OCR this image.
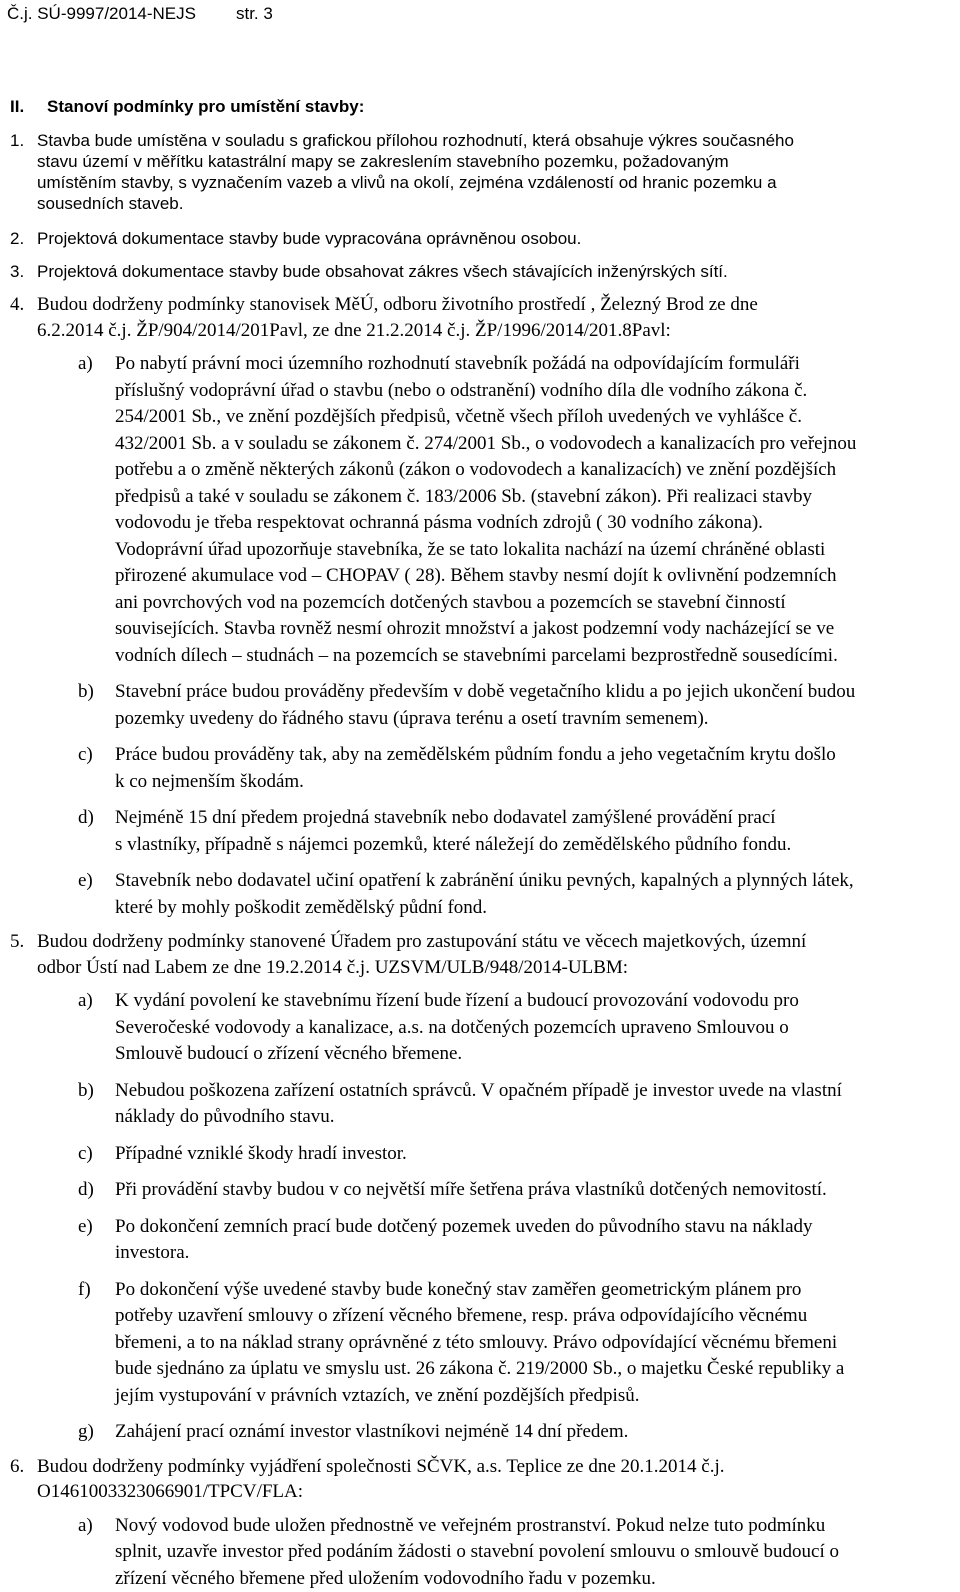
Č.j. SÚ-9997/2014-NEJS str. 3
II. Stanoví podmínky pro umístění stavby:
1. Stavba bude umístěna v souladu s grafickou přílohou rozhodnutí, která obsahuje výkres současného
stavu území v měřítku katastrální mapy se zakreslením stavebního pozemku, požadovaným
umístěním stavby, s vyznačením vazeb a vlivů na okolí, zejména vzdáleností od hranic pozemku a
sousedních staveb.
2. Projektová dokumentace stavby bude vypracována oprávněnou osobou.
3. Projektová dokumentace stavby bude obsahovat zákres všech stávajících inženýrských sítí.
4. Budou dodrženy podmínky stanovisek MěÚ, odboru životního prostředí , Železný Brod ze dne
6.2.2014 č.j. ŽP/904/2014/201Pavl, ze dne 21.2.2014 č.j. ŽP/1996/2014/201.8Pavl:
a) Po nabytí právní moci územního rozhodnutí stavebník požádá na odpovídajícím formuláři
příslušný vodoprávní úřad o stavbu (nebo o odstranění) vodního díla dle vodního zákona č.
254/2001 Sb., ve znění pozdějších předpisů, včetně všech příloh uvedených ve vyhlášce č.
432/2001 Sb. a v souladu se zákonem č. 274/2001 Sb., o vodovodech a kanalizacích pro veřejnou
potřebu a o změně některých zákonů (zákon o vodovodech a kanalizacích) ve znění pozdějších
předpisů a také v souladu se zákonem č. 183/2006 Sb. (stavební zákon). Při realizaci stavby
vodovodu je třeba respektovat ochranná pásma vodních zdrojů ( 30 vodního zákona).
Vodoprávní úřad upozorňuje stavebníka, že se tato lokalita nachází na území chráněné oblasti
přirozené akumulace vod – CHOPAV ( 28). Během stavby nesmí dojít k ovlivnění podzemních
ani povrchových vod na pozemcích dotčených stavbou a pozemcích se stavební činností
souvisejících. Stavba rovněž nesmí ohrozit množství a jakost podzemní vody nacházející se ve
vodních dílech – studnách – na pozemcích se stavebními parcelami bezprostředně sousedícími.
b) Stavební práce budou prováděny především v době vegetačního klidu a po jejich ukončení budou
pozemky uvedeny do řádného stavu (úprava terénu a osetí travním semenem).
c) Práce budou prováděny tak, aby na zemědělském půdním fondu a jeho vegetačním krytu došlo
k co nejmenším škodám.
d) Nejméně 15 dní předem projedná stavebník nebo dodavatel zamýšlené provádění prací
s vlastníky, případně s nájemci pozemků, které náležejí do zemědělského půdního fondu.
e) Stavebník nebo dodavatel učiní opatření k zabránění úniku pevných, kapalných a plynných látek,
které by mohly poškodit zemědělský půdní fond.
5. Budou dodrženy podmínky stanovené Úřadem pro zastupování státu ve věcech majetkových, územní
odbor Ústí nad Labem ze dne 19.2.2014 č.j. UZSVM/ULB/948/2014-ULBM:
a) K vydání povolení ke stavebnímu řízení bude řízení a budoucí provozování vodovodu pro
Severočeské vodovody a kanalizace, a.s. na dotčených pozemcích upraveno Smlouvou o
Smlouvě budoucí o zřízení věcného břemene.
b) Nebudou poškozena zařízení ostatních správců. V opačném případě je investor uvede na vlastní
náklady do původního stavu.
c) Případné vzniklé škody hradí investor.
d) Při provádění stavby budou v co největší míře šetřena práva vlastníků dotčených nemovitostí.
e) Po dokončení zemních prací bude dotčený pozemek uveden do původního stavu na náklady
investora.
f) Po dokončení výše uvedené stavby bude konečný stav zaměřen geometrickým plánem pro
potřeby uzavření smlouvy o zřízení věcného břemene, resp. práva odpovídajícího věcnému
břemeni, a to na náklad strany oprávněné z této smlouvy. Právo odpovídající věcnému břemeni
bude sjednáno za úplatu ve smyslu ust. 26 zákona č. 219/2000 Sb., o majetku České republiky a
jejím vystupování v právních vztazích, ve znění pozdějších předpisů.
g) Zahájení prací oznámí investor vlastníkovi nejméně 14 dní předem.
6. Budou dodrženy podmínky vyjádření společnosti SČVK, a.s. Teplice ze dne 20.1.2014 č.j.
O1461003323066901/TPCV/FLA:
a) Nový vodovod bude uložen přednostně ve veřejném prostranství. Pokud nelze tuto podmínku
splnit, uzavře investor před podáním žádosti o stavební povolení smlouvu o smlouvě budoucí o
zřízení věcného břemene před uložením vodovodního řadu v pozemku.
